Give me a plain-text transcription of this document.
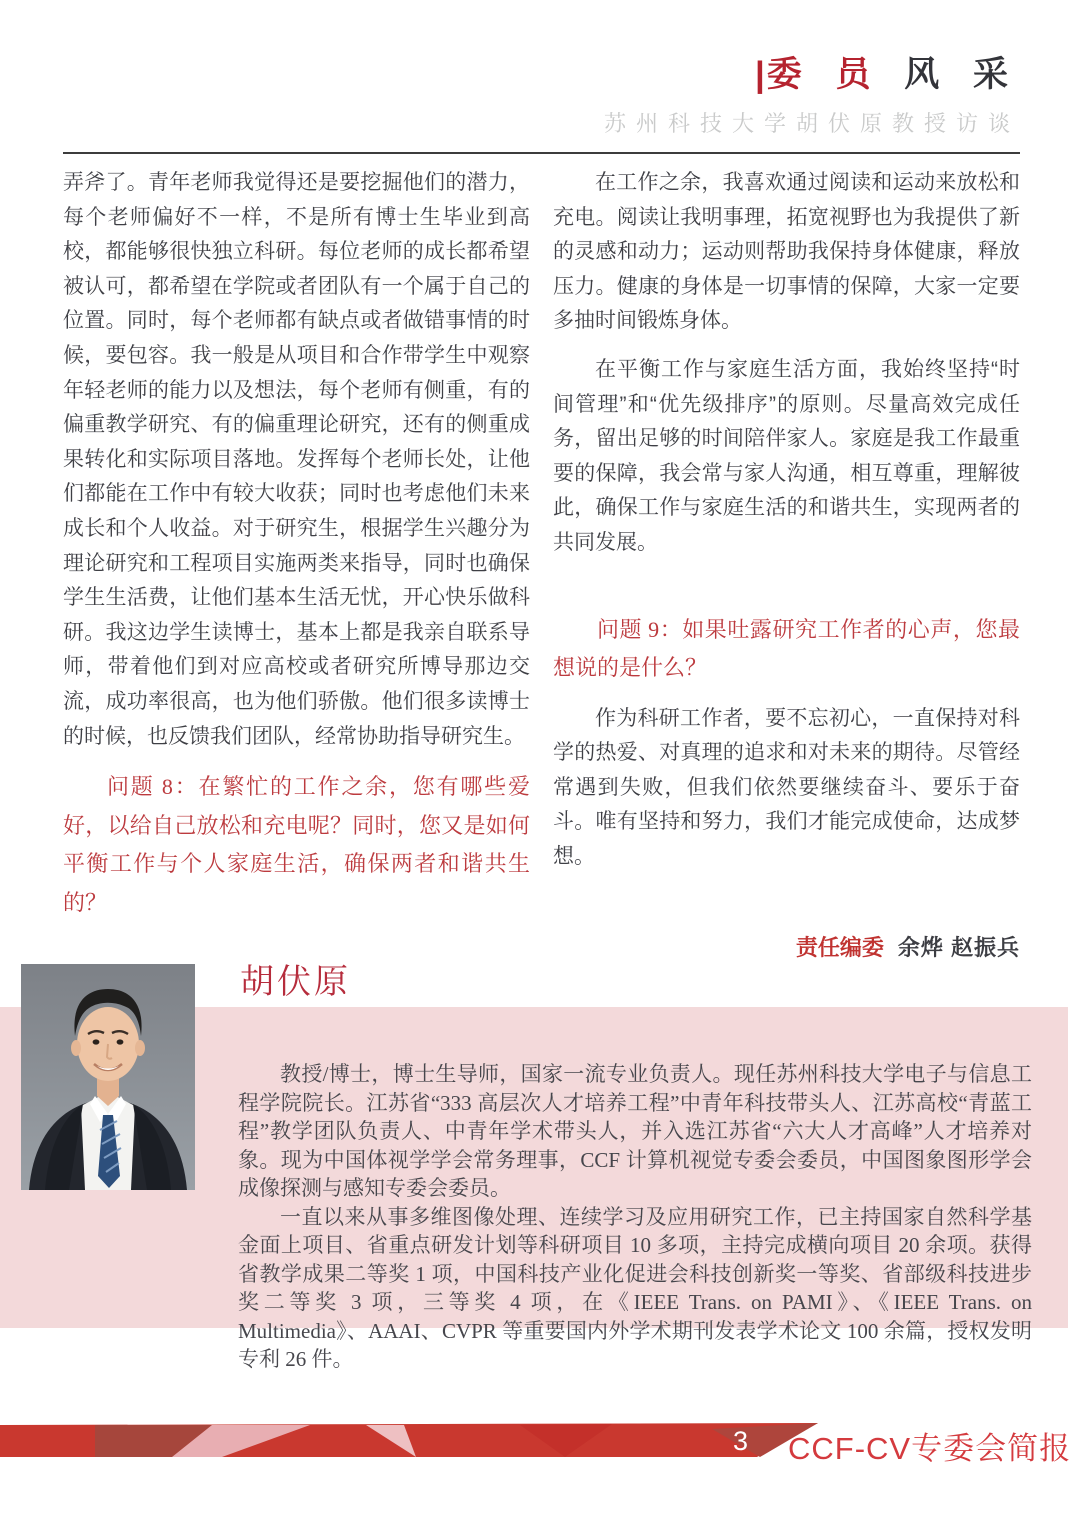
|委 员 风 采
苏州科技大学胡伏原教授访谈

弄斧了。青年老师我觉得还是要挖掘他们的潜力，每个老师偏好不一样，不是所有博士生毕业到高校，都能够很快独立科研。每位老师的成长都希望被认可，都希望在学院或者团队有一个属于自己的位置。同时，每个老师都有缺点或者做错事情的时候，要包容。我一般是从项目和合作带学生中观察年轻老师的能力以及想法，每个老师有侧重，有的偏重教学研究、有的偏重理论研究，还有的侧重成果转化和实际项目落地。发挥每个老师长处，让他们都能在工作中有较大收获；同时也考虑他们未来成长和个人收益。对于研究生，根据学生兴趣分为理论研究和工程项目实施两类来指导，同时也确保学生生活费，让他们基本生活无忧，开心快乐做科研。我这边学生读博士，基本上都是我亲自联系导师，带着他们到对应高校或者研究所博导那边交流，成功率很高，也为他们骄傲。他们很多读博士的时候，也反馈我们团队，经常协助指导研究生。

问题 8：在繁忙的工作之余，您有哪些爱好，以给自己放松和充电呢？同时，您又是如何平衡工作与个人家庭生活，确保两者和谐共生的？

在工作之余，我喜欢通过阅读和运动来放松和充电。阅读让我明事理，拓宽视野也为我提供了新的灵感和动力；运动则帮助我保持身体健康，释放压力。健康的身体是一切事情的保障，大家一定要多抽时间锻炼身体。

在平衡工作与家庭生活方面，我始终坚持“时间管理”和“优先级排序”的原则。尽量高效完成任务，留出足够的时间陪伴家人。家庭是我工作最重要的保障，我会常与家人沟通，相互尊重，理解彼此，确保工作与家庭生活的和谐共生，实现两者的共同发展。

问题 9：如果吐露研究工作者的心声，您最想说的是什么？

作为科研工作者，要不忘初心，一直保持对科学的热爱、对真理的追求和对未来的期待。尽管经常遇到失败，但我们依然要继续奋斗、要乐于奋斗。唯有坚持和努力，我们才能完成使命，达成梦想。

责任编委 余烨 赵振兵

胡伏原

教授/博士，博士生导师，国家一流专业负责人。现任苏州科技大学电子与信息工程学院院长。江苏省“333 高层次人才培养工程”中青年科技带头人、江苏高校“青蓝工程”教学团队负责人、中青年学术带头人，并入选江苏省“六大人才高峰”人才培养对象。现为中国体视学学会常务理事，CCF 计算机视觉专委会委员，中国图象图形学会成像探测与感知专委会委员。

一直以来从事多维图像处理、连续学习及应用研究工作，已主持国家自然科学基金面上项目、省重点研发计划等科研项目 10 多项，主持完成横向项目 20 余项。获得省教学成果二等奖 1 项，中国科技产业化促进会科技创新奖一等奖、省部级科技进步奖二等奖 3 项，三等奖 4 项，在《IEEE Trans. on PAMI》、《IEEE Trans. on Multimedia》、AAAI、CVPR 等重要国内外学术期刊发表学术论文 100 余篇，授权发明专利 26 件。

3 CCF-CV专委会简报
